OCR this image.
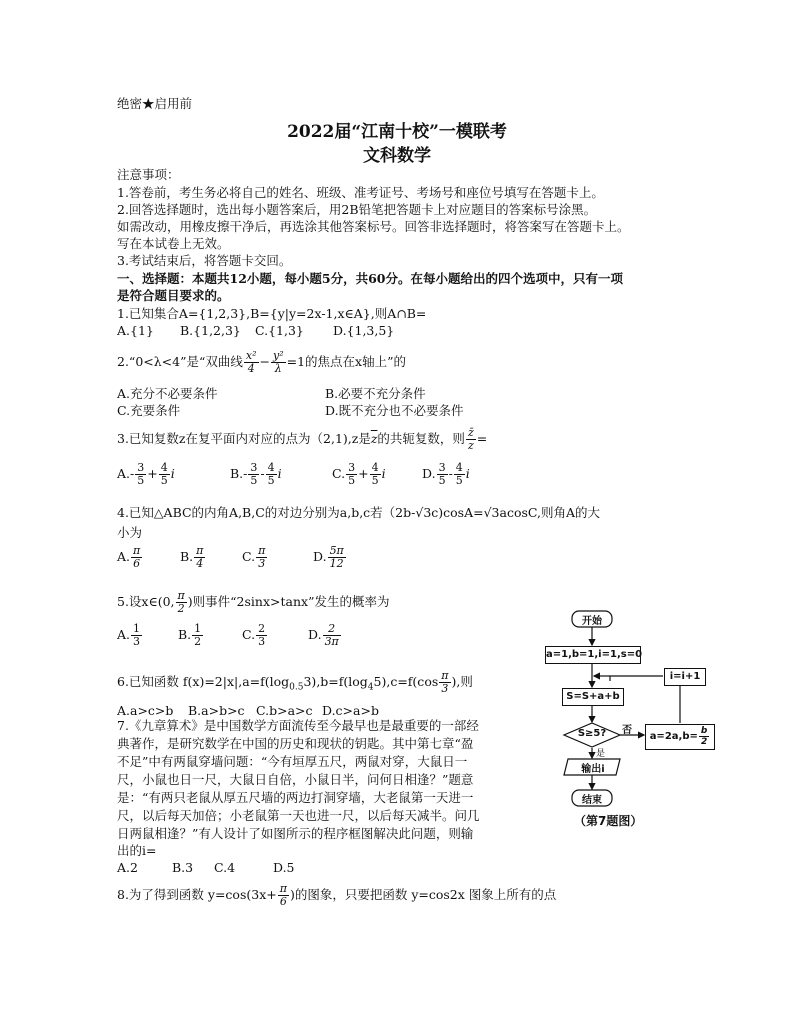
绝密★启用前
2022届“江南十校”一模联考
文科数学
注意事项：
1.答卷前，考生务必将自己的姓名、班级、准考证号、考场号和座位号填写在答题卡上。
2.回答选择题时，选出每小题答案后，用2B铅笔把答题卡上对应题目的答案标号涂黑。
如需改动，用橡皮擦干净后，再选涂其他答案标号。回答非选择题时，将答案写在答题卡上。
写在本试卷上无效。
3.考试结束后，将答题卡交回。
一、选择题：本题共12小题，每小题5分，共60分。在每小题给出的四个选项中，只有一项
是符合题目要求的。
1.已知集合A={1,2,3},B={y|y=2x-1,x∈A},则A∩B=
A.{1} B.{1,2,3} C.{1,3} D.{1,3,5}
2.“0<λ<4”是“双曲线 $\frac{\text{x²}}{4} - \frac{\text{y²}}{\lambda} =1$的焦点在x轴上”的
A.充分不必要条件	B.必要不充分条件
C.充要条件	D.既不充分也不必要条件
3.已知复数z在复平面内对应的点为（2,1),z是$\overline{z}$的共轭复数，则 $\frac{z̄}{z}$ =
$A.- \frac{3}{5} + \frac{4}{5}$ i	$B.- \frac{3}{5} - \frac{4}{5}$ i	C. $\frac{3}{5} + \frac{4}{5}$ i	D. $\frac{3}{5} - \frac{4}{5}$ i
4.已知△ABC的内角A,B,C的对边分别为a,b,c若（2b-√3c)cosA=√3acosC,则角A的大
小为
A. $\frac{\pi}{6}$	B. $\frac{\pi}{4}$	C. $\frac{\pi}{3}$	D. $\frac{5\pi}{12}$
5.设x∈(0, $\frac{\pi}{2}$ )则事件“2sinx>tanx”发生的概率为
A. $\frac{1}{3}$	B. $\frac{1}{2}$	C. $\frac{2}{3}$	D. $\frac{2}{3\pi}$
6.已知函数 $f(x)=2|x|,a=f(\log_{0.5}3),b=f(\log_45),c=f(\cos \frac{\pi}{3}$ ),则
A.a>c>b B.a>b>c C.b>a>c D.c>a>b
7.《九章算术》是中国数学方面流传至今最早也是最重要的一部经
典著作，是研究数学在中国的历史和现状的钥匙。其中第七章“盈
不足”中有两鼠穿墙问题：“今有垣厚五尺，两鼠对穿，大鼠日一
尺，小鼠也日一尺，大鼠日自倍，小鼠日半，问何日相逢？”题意
是：“有两只老鼠从厚五尺墙的两边打洞穿墙，大老鼠第一天进一
尺，以后每天加倍；小老鼠第一天也进一尺，以后每天减半。问几
日两鼠相逢？”有人设计了如图所示的程序框图解决此问题，则输
出的i=
A.2	B.3 C.4	D.5
8.为了得到函数 $y=\cos(3x+ \frac{\pi}{6}$ )的图象，只要把函数 y=cos2x 图象上所有的点
开始
a=1,b=1,i=1,s=0
i=i+1
S=S+a+b
S≥5?	否
是
$a=2a,b= \frac{b}{2}$
输出i
结束
（第7题图）
